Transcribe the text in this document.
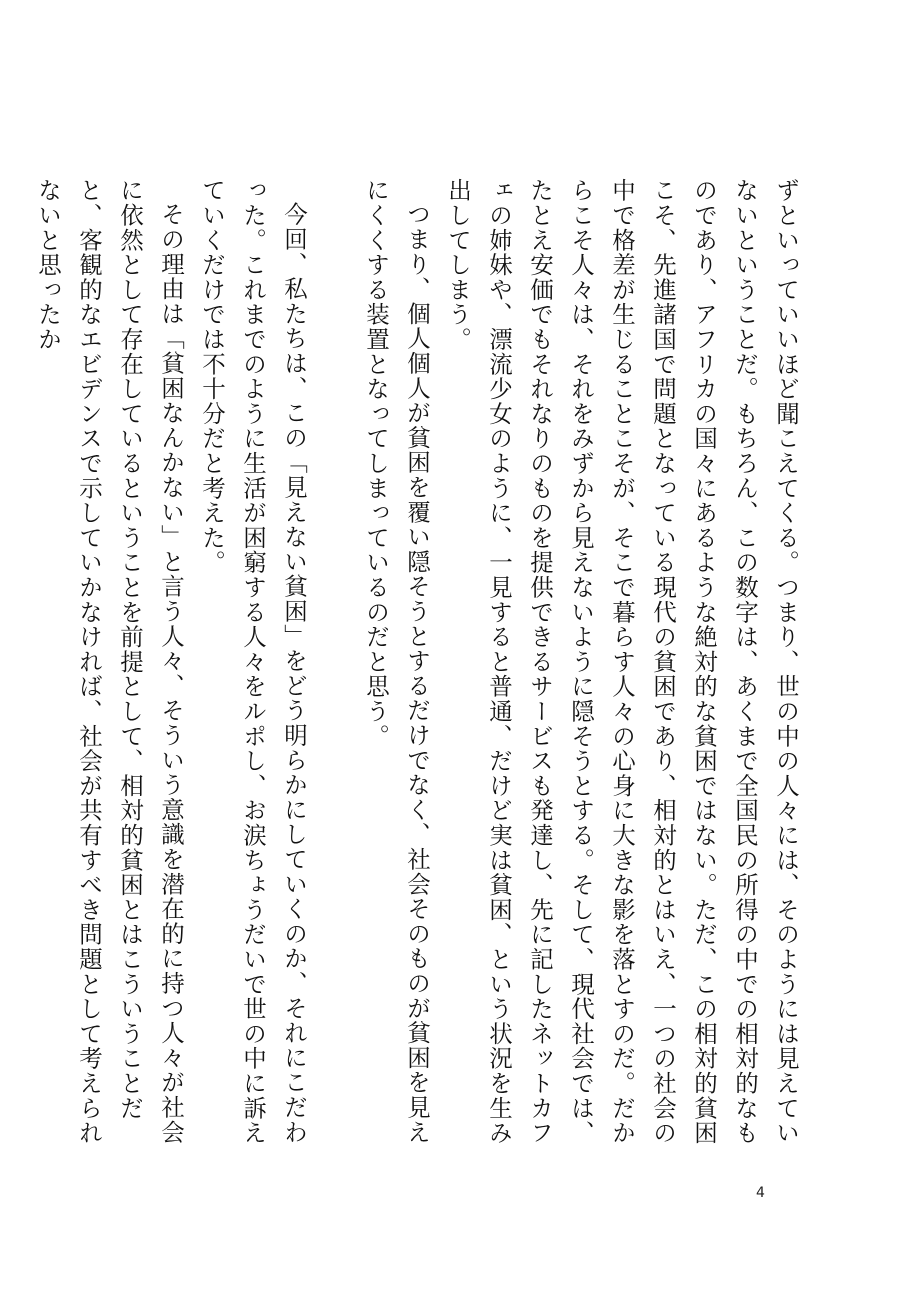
ずといっていいほど聞こえてくる。つまり、世の中の人々には、そのようには見えていないということだ。もちろん、この数字は、あくまで全国民の所得の中での相対的なものであり、アフリカの国々にあるような絶対的な貧困ではない。ただ、この相対的貧困こそ、先進諸国で問題となっている現代の貧困であり、相対的とはいえ、一つの社会の中で格差が生じることこそが、そこで暮らす人々の心身に大きな影を落とすのだ。だからこそ人々は、それをみずから見えないように隠そうとする。そして、現代社会では、たとえ安価でもそれなりのものを提供できるサービスも発達し、先に記したネットカフェの姉妹や、漂流少女のように、一見すると普通、だけど実は貧困、という状況を生み出してしまう。

つまり、個人個人が貧困を覆い隠そうとするだけでなく、社会そのものが貧困を見えにくくする装置となってしまっているのだと思う。

今回、私たちは、この「見えない貧困」をどう明らかにしていくのか、それにこだわった。これまでのように生活が困窮する人々をルポし、お涙ちょうだいで世の中に訴えていくだけでは不十分だと考えた。

その理由は「貧困なんかない」と言う人々、そういう意識を潜在的に持つ人々が社会に依然として存在しているということを前提として、相対的貧困とはこういうことだと、客観的なエビデンスで示していかなければ、社会が共有すべき問題として考えられないと思ったか

4
